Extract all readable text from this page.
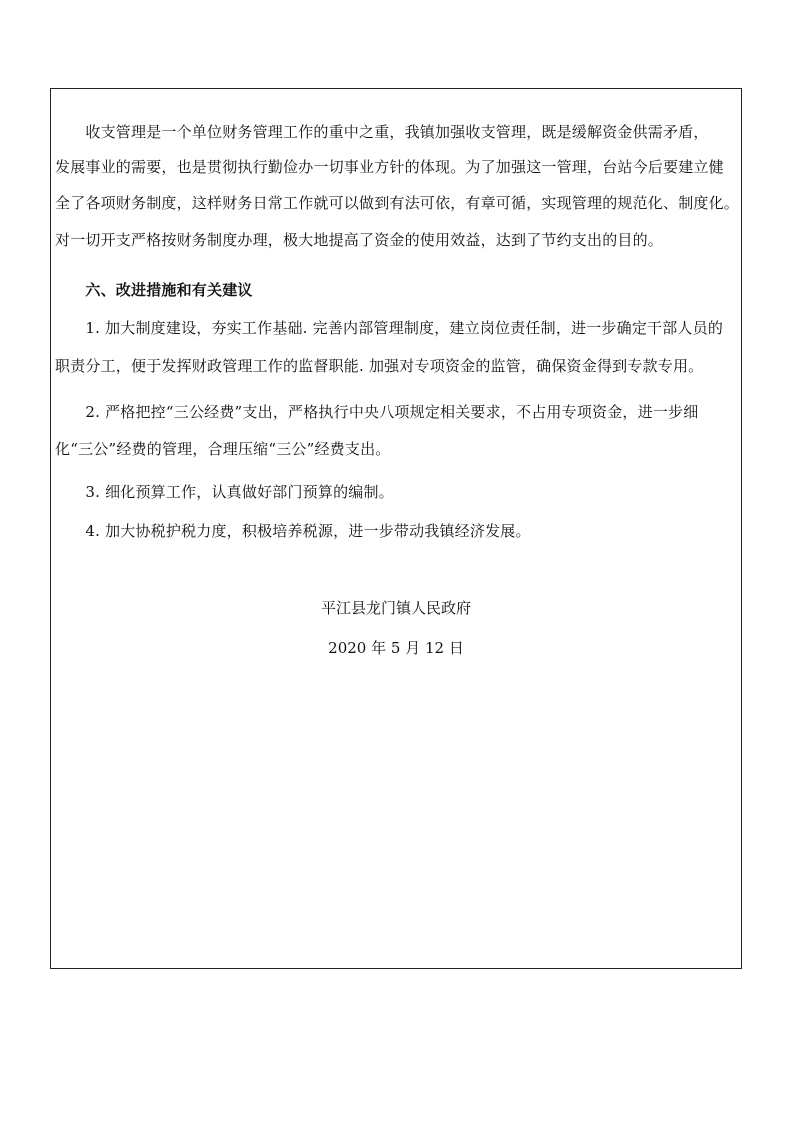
　　收支管理是一个单位财务管理工作的重中之重，我镇加强收支管理，既是缓解资金供需矛盾，
发展事业的需要，也是贯彻执行勤俭办一切事业方针的体现。为了加强这一管理，台站今后要建立健
全了各项财务制度，这样财务日常工作就可以做到有法可依，有章可循，实现管理的规范化、制度化。
对一切开支严格按财务制度办理，极大地提高了资金的使用效益，达到了节约支出的目的。
　　六、改进措施和有关建议
　　1. 加大制度建设，夯实工作基础. 完善内部管理制度，建立岗位责任制，进一步确定干部人员的
职责分工，便于发挥财政管理工作的监督职能. 加强对专项资金的监管，确保资金得到专款专用。
　　2. 严格把控“三公经费”支出，严格执行中央八项规定相关要求，不占用专项资金，进一步细
化“三公”经费的管理，合理压缩“三公”经费支出。
　　3. 细化预算工作，认真做好部门预算的编制。
　　4. 加大协税护税力度，积极培养税源，进一步带动我镇经济发展。
平江县龙门镇人民政府
2020 年 5 月 12 日
